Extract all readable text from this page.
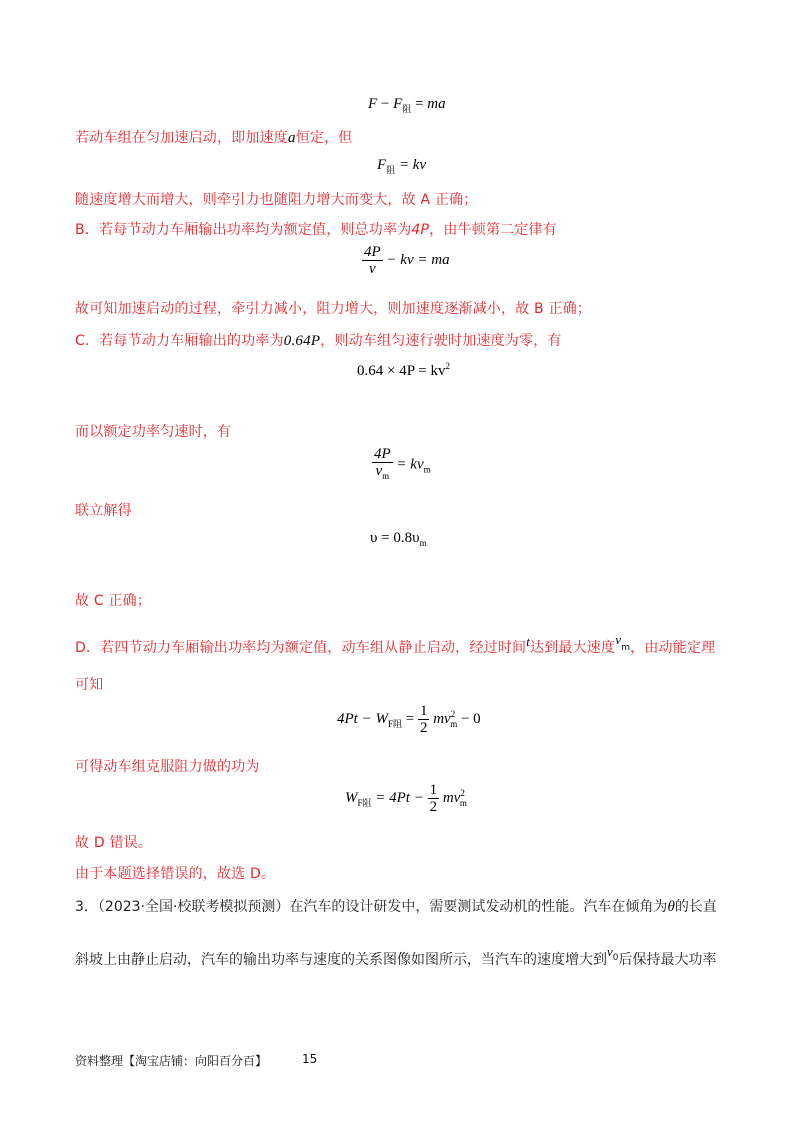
$F - F_阻$ = ma
若动车组在匀加速启动，即加速度a恒定，但
$F_阻$ = kv
随速度增大而增大，则牵引力也随阻力增大而变大，故 A 正确；
B．若每节动力车厢输出功率均为额定值，则总功率为4P，由牛顿第二定律有
$\frac{4P}{v}$ − kv = ma
故可知加速启动的过程，牵引力减小，阻力增大，则加速度逐渐减小，故 B 正确；
C．若每节动力车厢输出的功率为0.64P，则动车组匀速行驶时加速度为零，有
$0.64 \times 4P = kv^2$
而以额定功率匀速时，有
$\frac{4P}{v_m} = kv_m$
联立解得
$\upsilon = 0.8\upsilon_m$
故 C 正确；
D．若四节动力车厢输出功率均为额定值，动车组从静止启动，经过时间t达到最大速度$v^m$，由动能定理
可知
$4Pt - W_{F阻} = \frac{1}{2} mv^2_m - 0$
可得动车组克服阻力做的功为
$W_{F阻} = 4Pt - \frac{1}{2} mv^2_m$
故 D 错误。
由于本题选择错误的，故选 D。
3．（2023·全国·校联考模拟预测）在汽车的设计研发中，需要测试发动机的性能。汽车在倾角为θ的长直
斜坡上由静止启动，汽车的输出功率与速度的关系图像如图所示，当汽车的速度增大到$v^0$后保持最大功率
资料整理【淘宝店铺：向阳百分百】	15
